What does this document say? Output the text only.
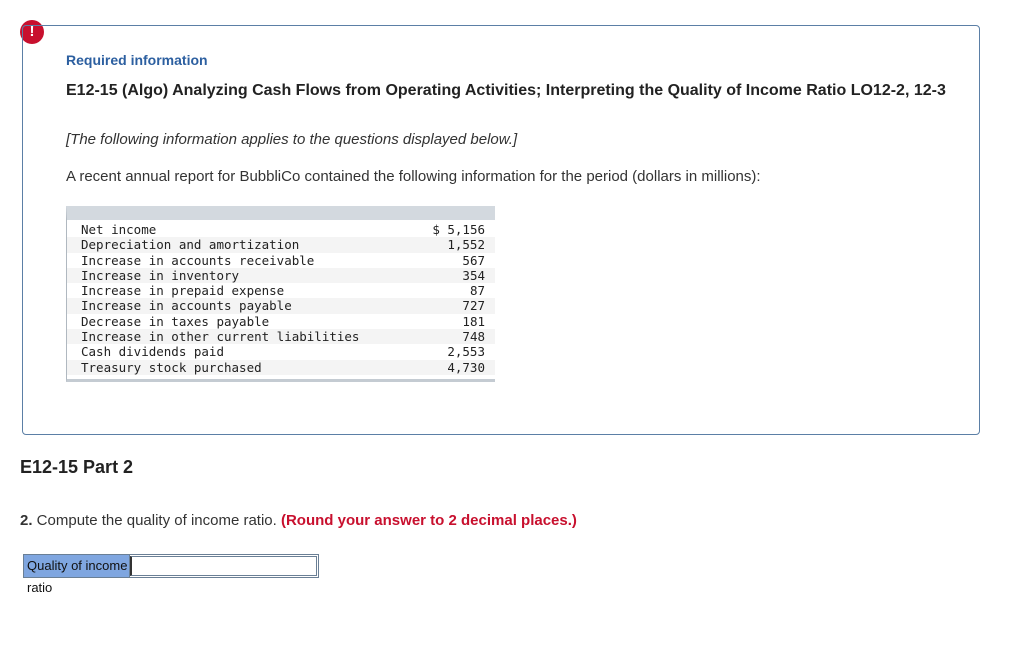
!
Required information
E12-15 (Algo) Analyzing Cash Flows from Operating Activities; Interpreting the Quality of Income Ratio LO12-2, 12-3
[The following information applies to the questions displayed below.]
A recent annual report for BubbliCo contained the following information for the period (dollars in millions):
Net income	$ 5,156
Depreciation and amortization	1,552
Increase in accounts receivable	567
Increase in inventory	354
Increase in prepaid expense	87
Increase in accounts payable	727
Decrease in taxes payable	181
Increase in other current liabilities	748
Cash dividends paid	2,553
Treasury stock purchased	4,730
E12-15 Part 2
2. Compute the quality of income ratio. (Round your answer to 2 decimal places.)
Quality of income ratio
